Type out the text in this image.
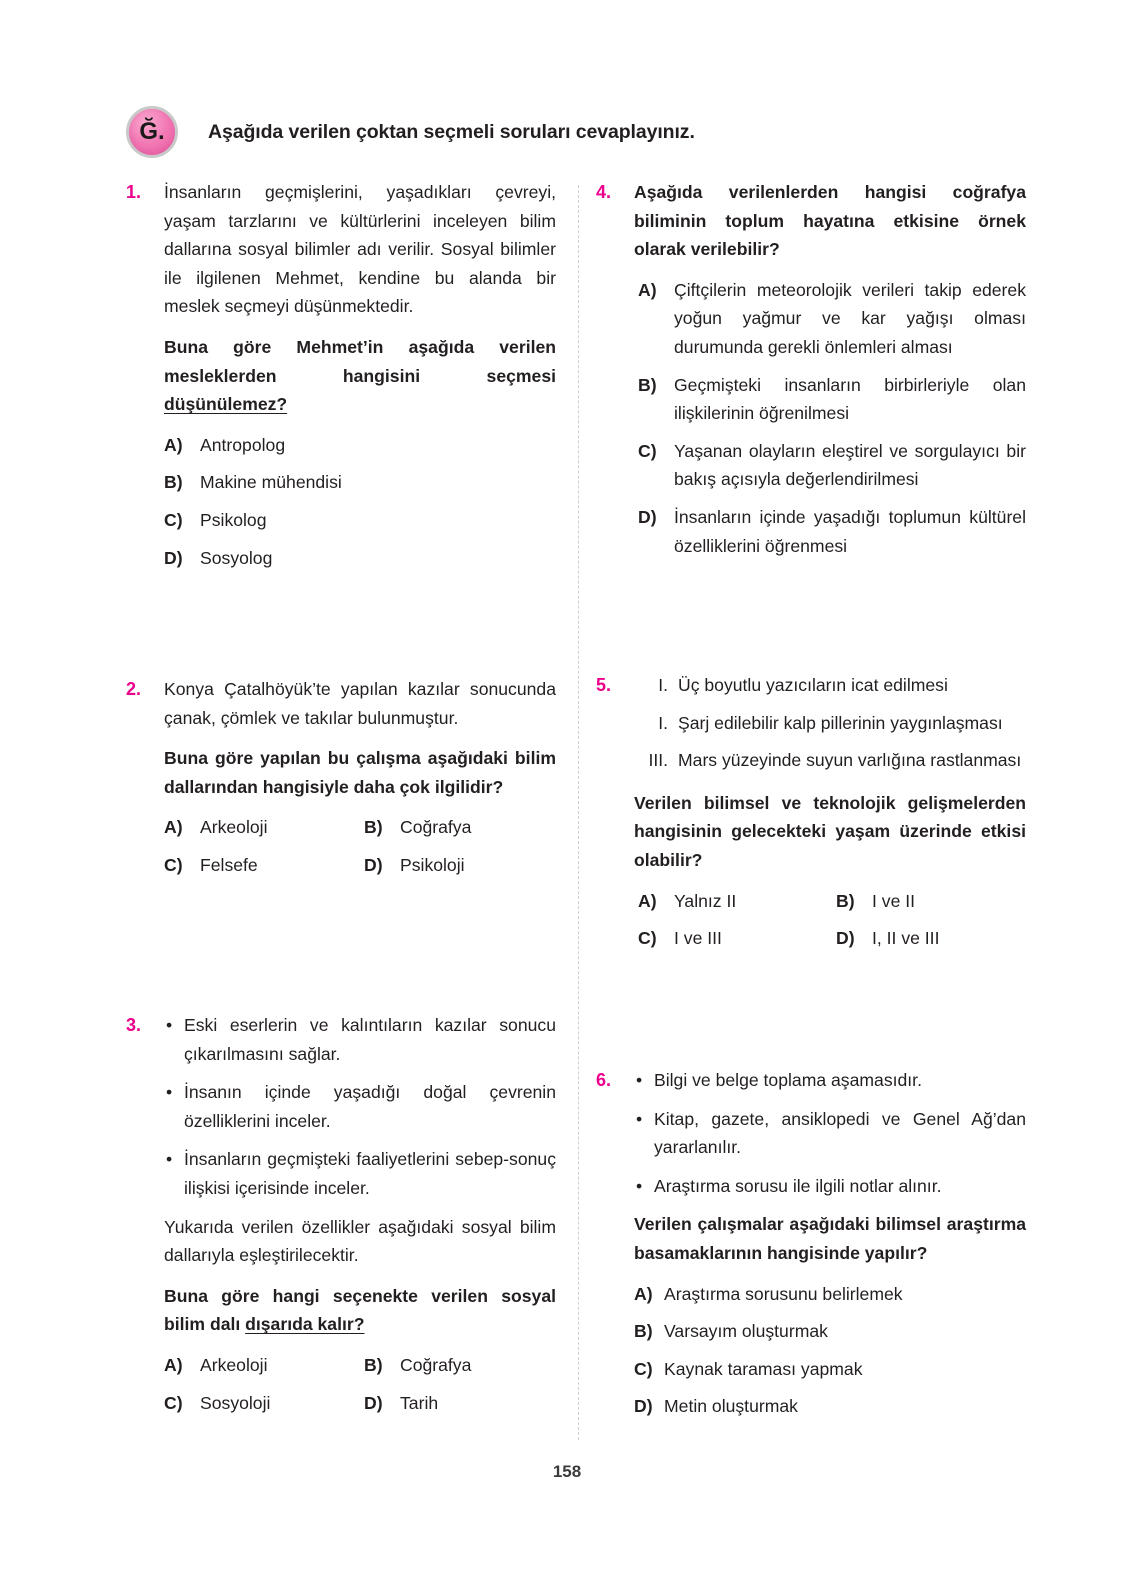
Ğ. Aşağıda verilen çoktan seçmeli soruları cevaplayınız.
1. İnsanların geçmişlerini, yaşadıkları çevreyi, yaşam tarzlarını ve kültürlerini inceleyen bilim dallarına sosyal bilimler adı verilir. Sosyal bilimler ile ilgilenen Mehmet, kendine bu alanda bir meslek seçmeyi düşünmektedir.

Buna göre Mehmet’in aşağıda verilen mesleklerden hangisini seçmesi düşünülemez?

A) Antropolog
B) Makine mühendisi
C) Psikolog
D) Sosyolog
2. Konya Çatalhöyük’te yapılan kazılar sonucunda çanak, çömlek ve takılar bulunmuştur.

Buna göre yapılan bu çalışma aşağıdaki bilim dallarından hangisiyle daha çok ilgilidir?

A) Arkeoloji	B) Coğrafya
C) Felsefe	D) Psikoloji
3. • Eski eserlerin ve kalıntıların kazılar sonucu çıkarılmasını sağlar.
• İnsanın içinde yaşadığı doğal çevrenin özelliklerini inceler.
• İnsanların geçmişteki faaliyetlerini sebep-sonuç ilişkisi içerisinde inceler.

Yukarıda verilen özellikler aşağıdaki sosyal bilim dallarıyla eşleştirilecektir.

Buna göre hangi seçenekte verilen sosyal bilim dalı dışarıda kalır?

A) Arkeoloji	B) Coğrafya
C) Sosyoloji	D) Tarih
4. Aşağıda verilenlerden hangisi coğrafya biliminin toplum hayatına etkisine örnek olarak verilebilir?

A) Çiftçilerin meteorolojik verileri takip ederek yoğun yağmur ve kar yağışı olması durumunda gerekli önlemleri alması
B) Geçmişteki insanların birbirleriyle olan ilişkilerinin öğrenilmesi
C) Yaşanan olayların eleştirel ve sorgulayıcı bir bakış açısıyla değerlendirilmesi
D) İnsanların içinde yaşadığı toplumun kültürel özelliklerini öğrenmesi
5.	I. Üç boyutlu yazıcıların icat edilmesi
I. Şarj edilebilir kalp pillerinin yaygınlaşması
III. Mars yüzeyinde suyun varlığına rastlanması

Verilen bilimsel ve teknolojik gelişmelerden hangisinin gelecekteki yaşam üzerinde etkisi olabilir?

A) Yalnız II	B) I ve II
C) I ve III	D) I, II ve III
6. • Bilgi ve belge toplama aşamasıdır.
• Kitap, gazete, ansiklopedi ve Genel Ağ’dan yararlanılır.
• Araştırma sorusu ile ilgili notlar alınır.

Verilen çalışmalar aşağıdaki bilimsel araştırma basamaklarının hangisinde yapılır?

A) Araştırma sorusunu belirlemek
B) Varsayım oluşturmak
C) Kaynak taraması yapmak
D) Metin oluşturmak
158
